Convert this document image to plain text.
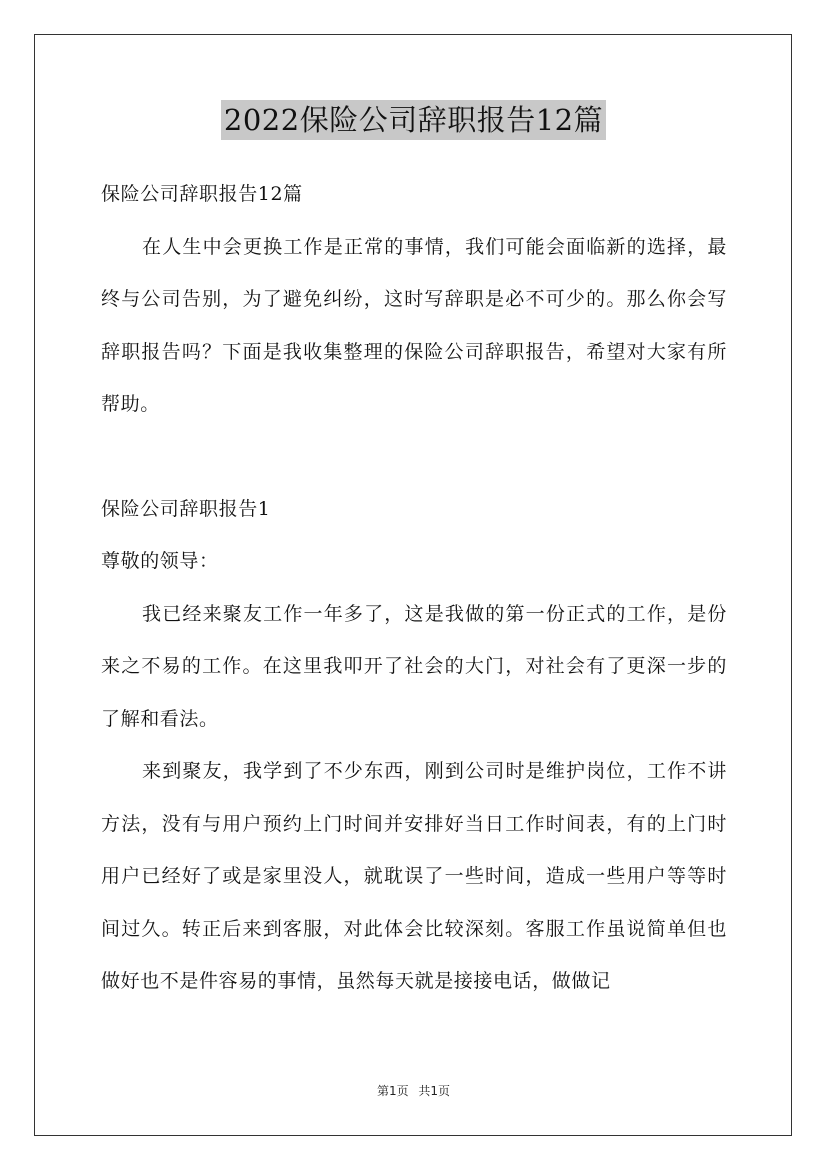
2022保险公司辞职报告12篇

保险公司辞职报告12篇

在人生中会更换工作是正常的事情，我们可能会面临新的选择，最终与公司告别，为了避免纠纷，这时写辞职是必不可少的。那么你会写辞职报告吗？下面是我收集整理的保险公司辞职报告，希望对大家有所帮助。

保险公司辞职报告1

尊敬的领导：

我已经来聚友工作一年多了，这是我做的第一份正式的工作，是份来之不易的工作。在这里我叩开了社会的大门，对社会有了更深一步的了解和看法。

来到聚友，我学到了不少东西，刚到公司时是维护岗位，工作不讲方法，没有与用户预约上门时间并安排好当日工作时间表，有的上门时用户已经好了或是家里没人，就耽误了一些时间，造成一些用户等等时间过久。转正后来到客服，对此体会比较深刻。客服工作虽说简单但也做好也不是件容易的事情，虽然每天就是接接电话，做做记

第1页 共1页
